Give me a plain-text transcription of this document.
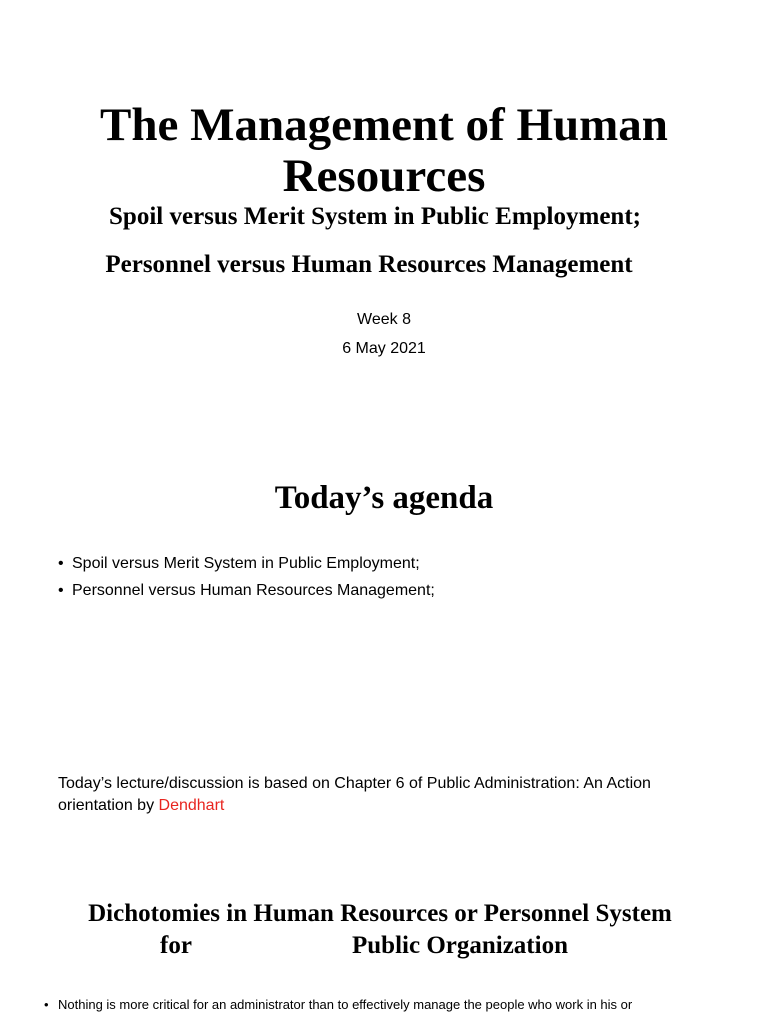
The Management of Human Resources
Spoil versus Merit System in Public Employment;
Personnel versus Human Resources Management
Week 8
6 May 2021
Today’s agenda
• Spoil versus Merit System in Public Employment;
• Personnel versus Human Resources Management;
Today’s lecture/discussion is based on Chapter 6 of Public Administration: An Action orientation by Dendhart
Dichotomies in Human Resources or Personnel System
for	Public Organization
• Nothing is more critical for an administrator than to effectively manage the people who work in his or
